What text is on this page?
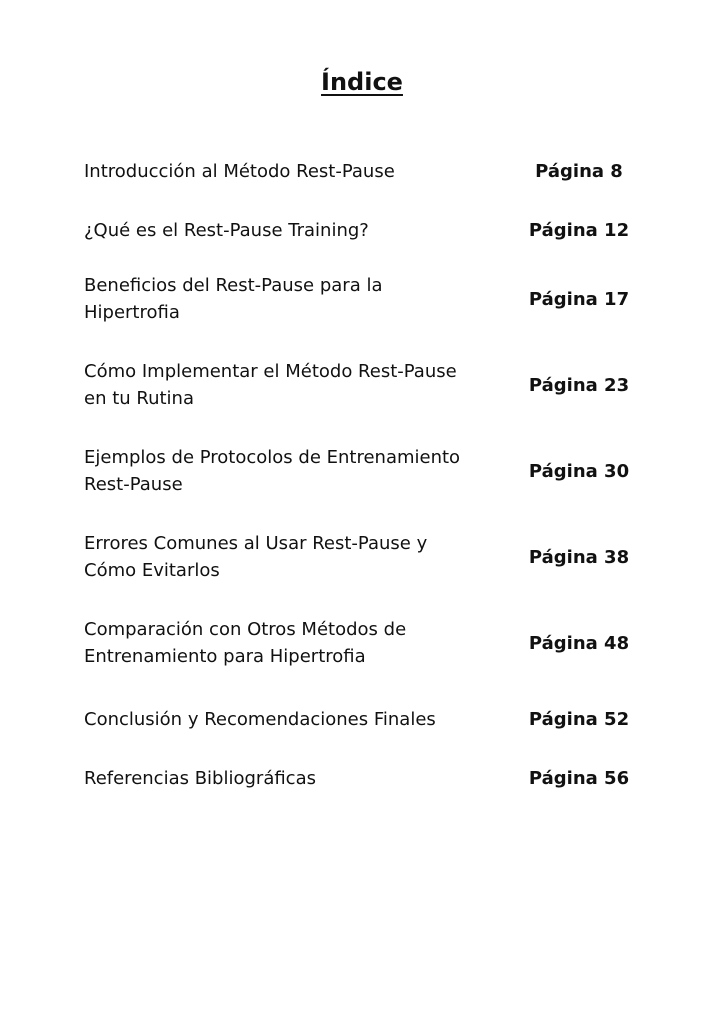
Índice
Introducción al Método Rest-Pause	Página 8
¿Qué es el Rest-Pause Training?	Página 12
Beneficios del Rest-Pause para la Hipertrofia
Página 17
Cómo Implementar el Método Rest-Pause en tu Rutina
Página 23
Ejemplos de Protocolos de Entrenamiento Rest-Pause
Página 30
Errores Comunes al Usar Rest-Pause y Cómo Evitarlos
Página 38
Comparación con Otros Métodos de Entrenamiento para Hipertrofia
Página 48
Conclusión y Recomendaciones Finales	Página 52
Referencias Bibliográficas	Página 56
